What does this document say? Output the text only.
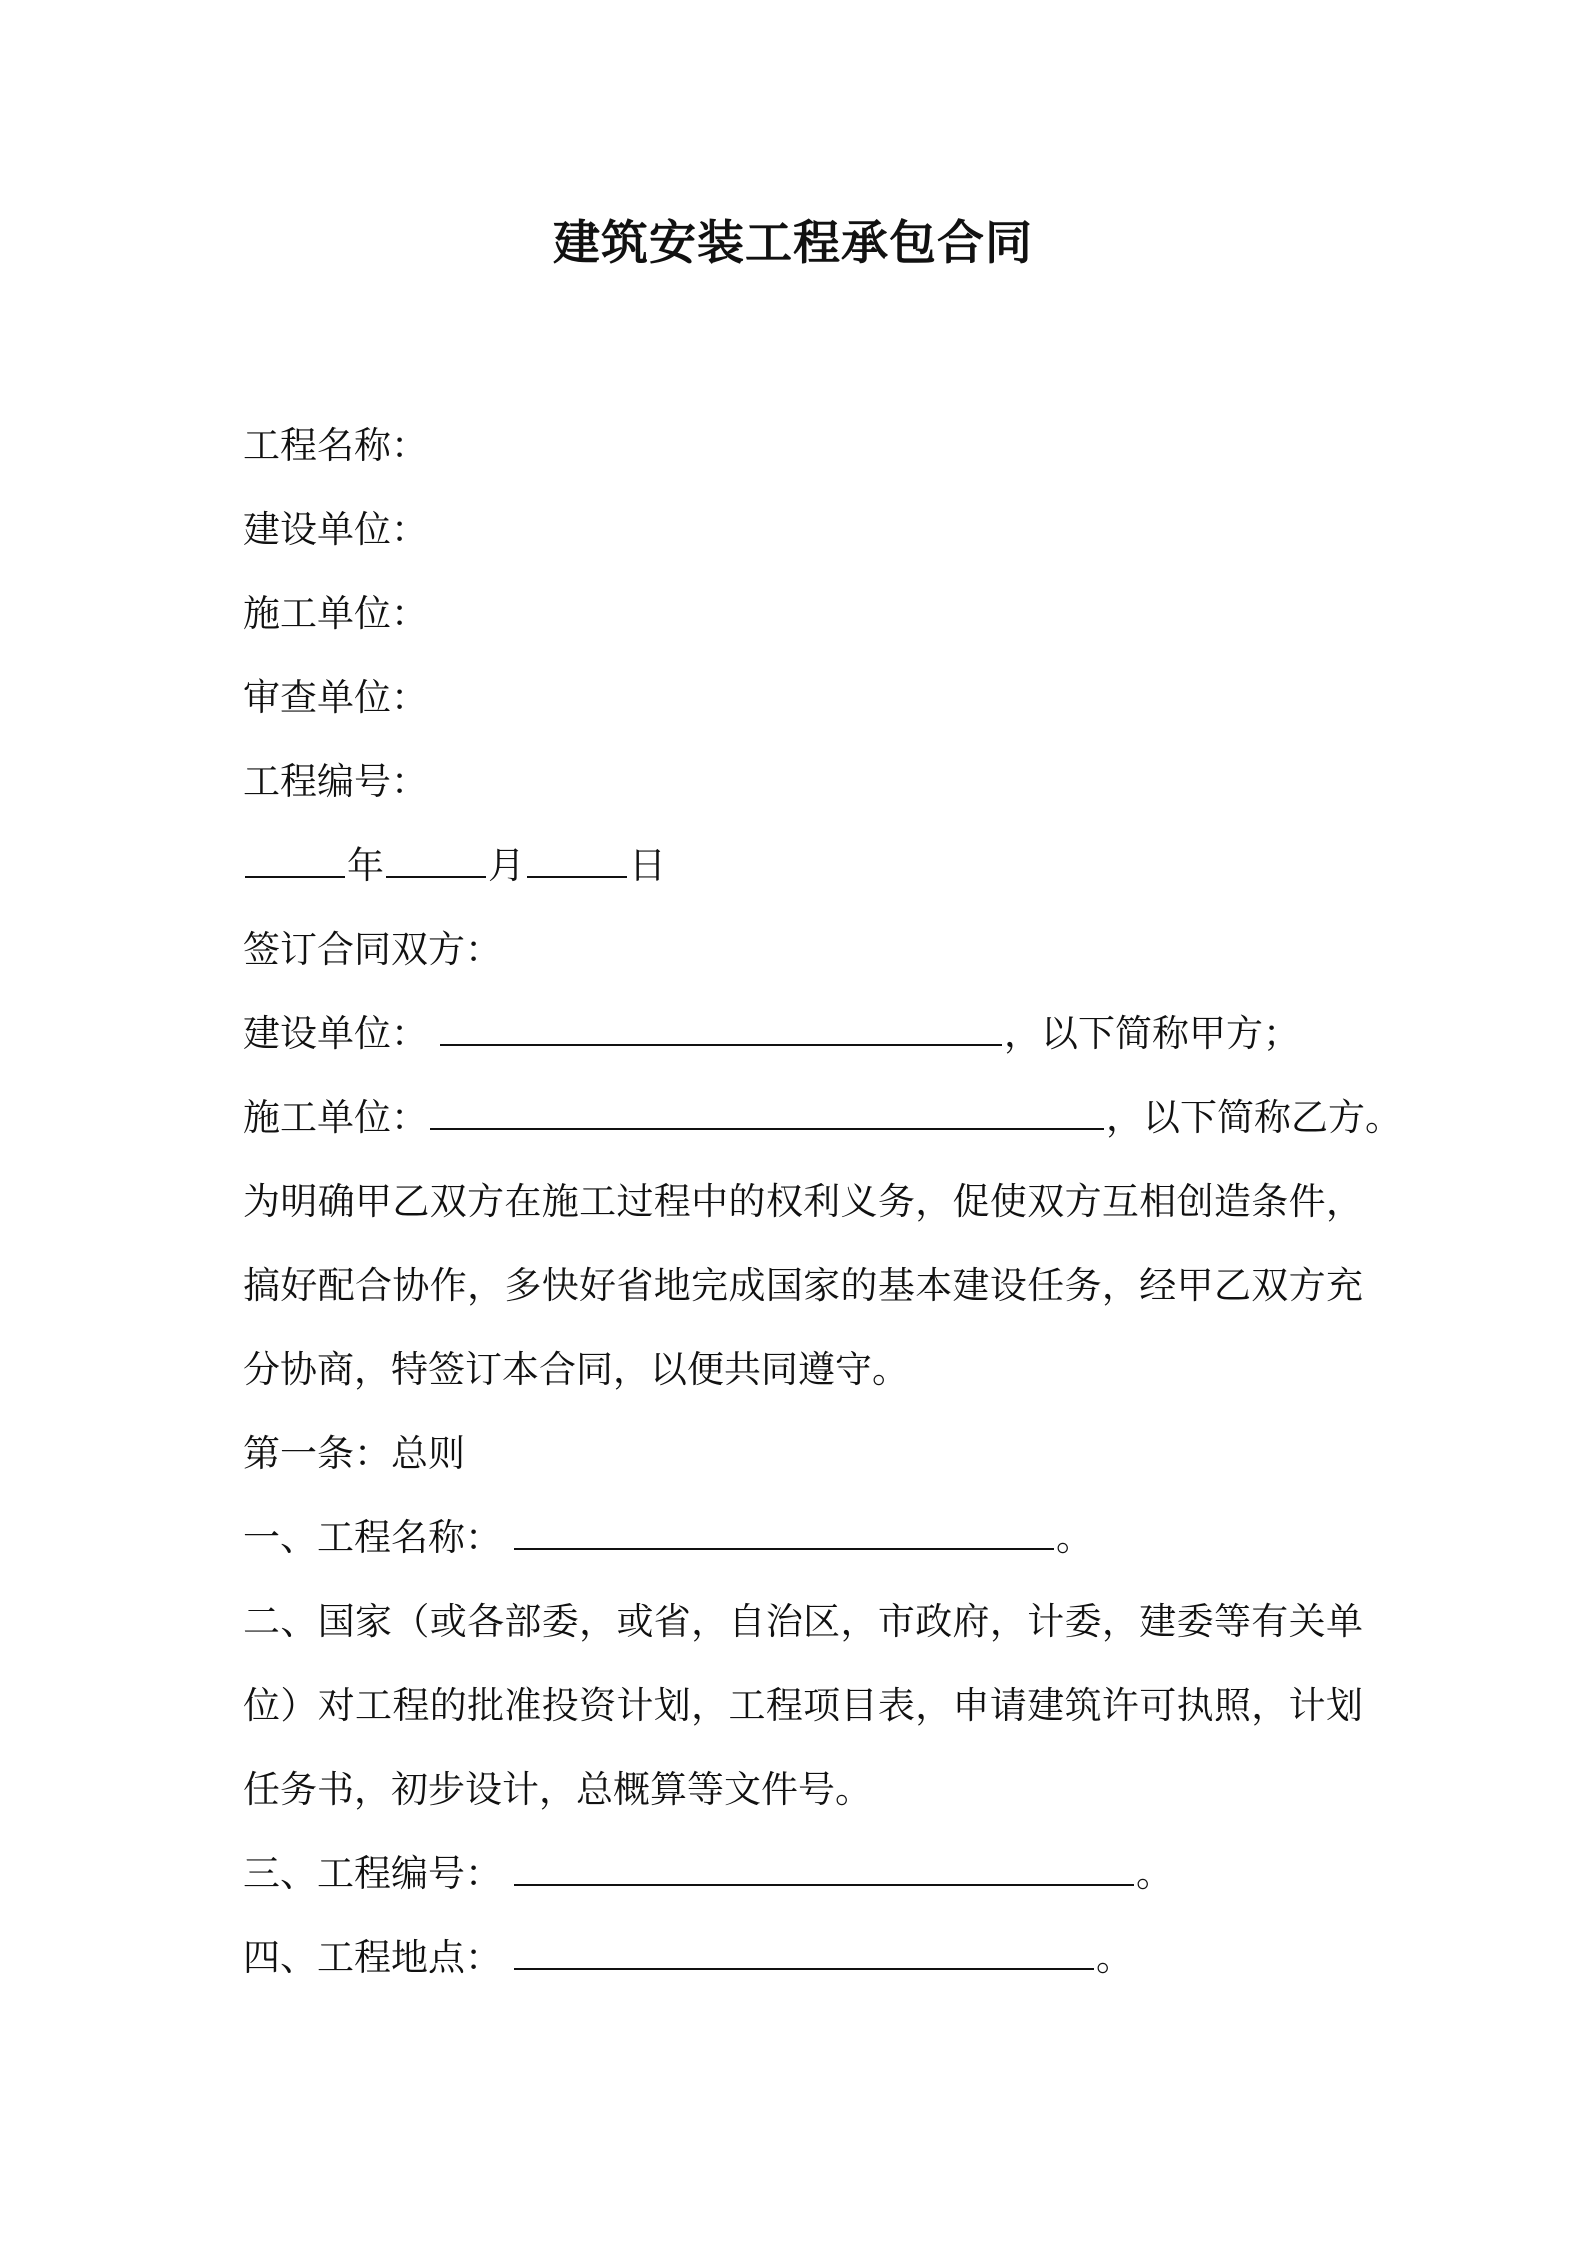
建筑安装工程承包合同
工程名称：
建设单位：
施工单位：
审查单位：
工程编号：
年	月	日
签订合同双方：
建设单位：	，以下简称甲方；
施工单位：	，以下简称乙方。
为明确甲乙双方在施工过程中的权利义务，促使双方互相创造条件，
搞好配合协作，多快好省地完成国家的基本建设任务，经甲乙双方充
分协商，特签订本合同，以便共同遵守。
第一条：总则
一、工程名称：	。
二、国家（或各部委，或省，自治区，市政府，计委，建委等有关单
位）对工程的批准投资计划，工程项目表，申请建筑许可执照，计划
任务书，初步设计，总概算等文件号。
三、工程编号：	。
四、工程地点：	。
